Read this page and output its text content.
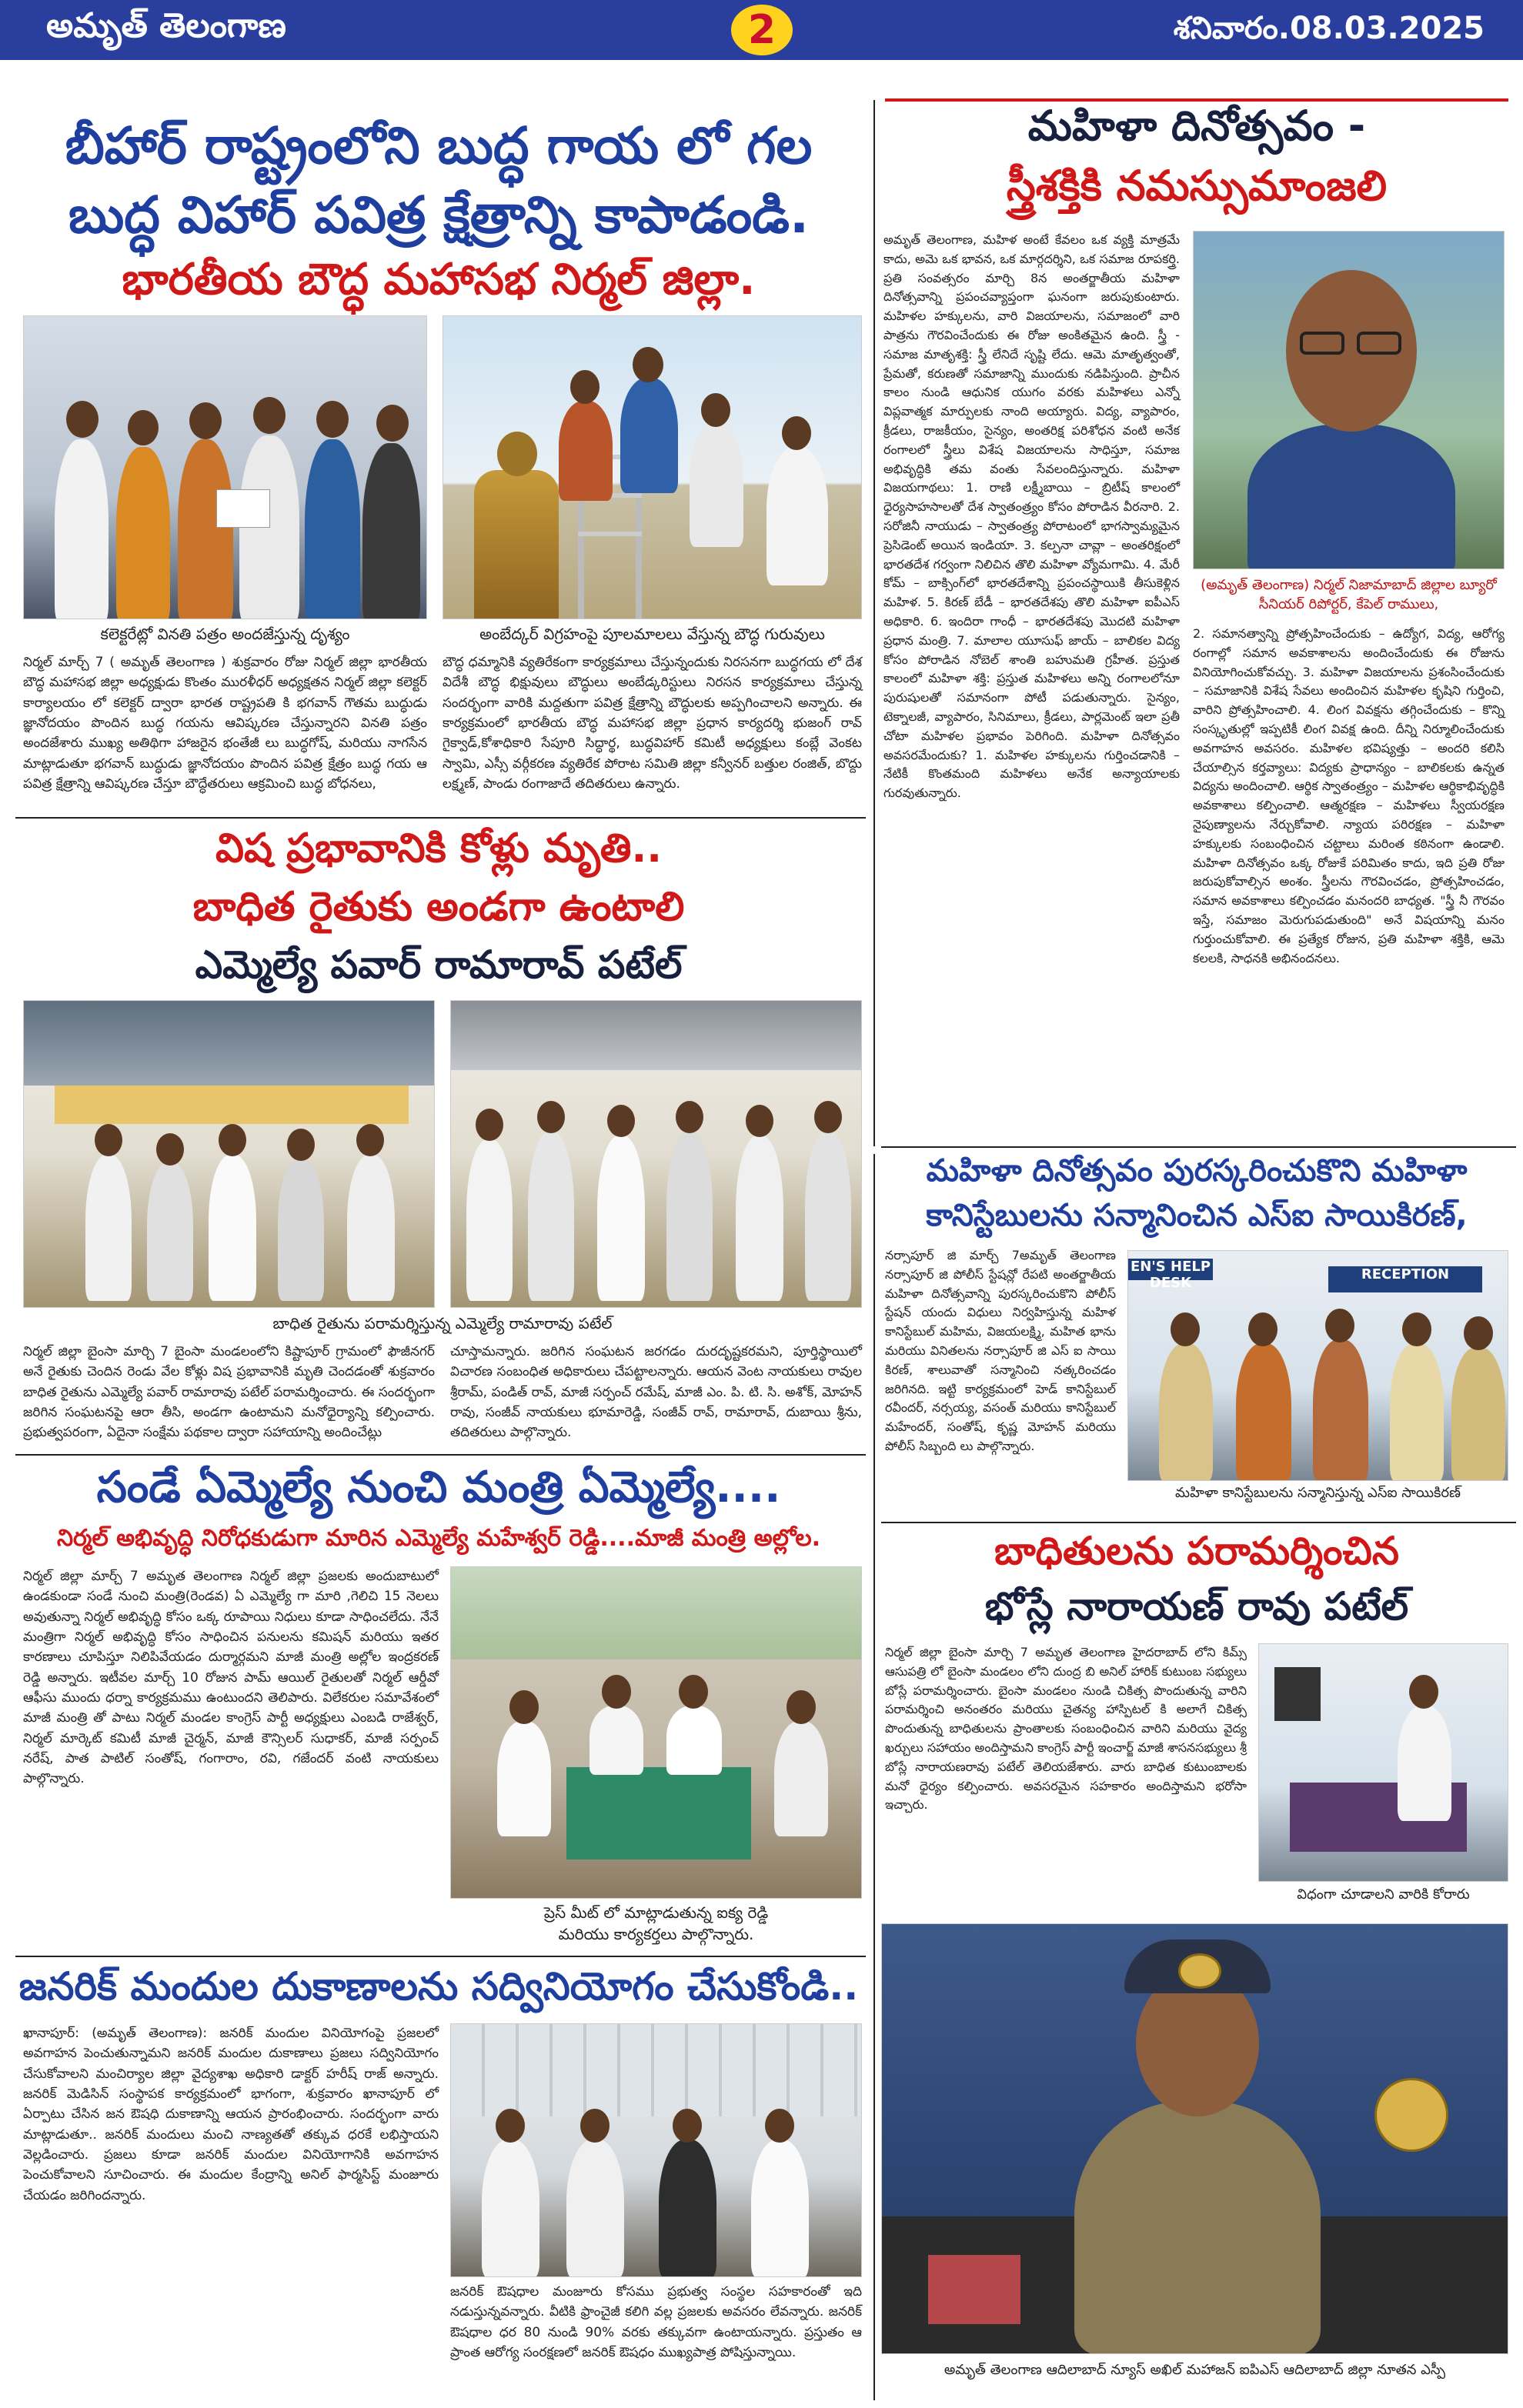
అమృత్ తెలంగాణ	2	శనివారం.08.03.2025
బీహార్ రాష్ట్రంలోని బుద్ధ గాయ లో గల
బుద్ధ విహార్ పవిత్ర క్షేత్రాన్ని కాపాడండి.
భారతీయ బౌద్ధ మహాసభ నిర్మల్ జిల్లా.
కలెక్టరేట్లో వినతి పత్రం అందజేస్తున్న దృశ్యం	అంబేద్కర్ విగ్రహంపై పూలమాలలు వేస్తున్న బౌద్ధ గురువులు
నిర్మల్ మార్చ్ 7 ( అమృత్ తెలంగాణ ) శుక్రవారం రోజు నిర్మల్ జిల్లా భారతీయ బౌద్ధ మహాసభ జిల్లా అధ్యక్షుడు కొంతం మురళీధర్ అధ్యక్షతన నిర్మల్ జిల్లా కలెక్టర్ కార్యాలయం లో కలెక్టర్ ద్వారా భారత రాష్ట్రపతి కి భగవాన్ గౌతమ బుద్ధుడు జ్ఞానోదయం పొందిన బుద్ధ గయను ఆవిష్కరణ చేస్తున్నారని వినతి పత్రం అందజేశారు ముఖ్య అతిథిగా హాజరైన భంతేజీ లు బుద్ధగోష్, మరియు నాగసేన మాట్లాడుతూ భగవాన్ బుద్ధుడు జ్ఞానోదయం పొందిన పవిత్ర క్షేత్రం బుద్ధ గయ ఆ పవిత్ర క్షేత్రాన్ని ఆవిష్కరణ చేస్తూ బౌద్ధేతరులు ఆక్రమించి బుద్ధ బోధనలు,
బౌద్ధ ధమ్మానికి వ్యతిరేకంగా కార్యక్రమాలు చేస్తున్నందుకు నిరసనగా బుద్ధగయ లో దేశ విదేశీ బౌద్ధ భిక్షువులు బౌద్ధులు అంబేడ్కరిస్టులు నిరసన కార్యక్రమాలు చేస్తున్న సందర్భంగా వారికి మద్దతుగా పవిత్ర క్షేత్రాన్ని బౌద్ధులకు అప్పగించాలని అన్నారు. ఈ కార్యక్రమంలో భారతీయ బౌద్ధ మహాసభ జిల్లా ప్రధాన కార్యదర్శి భుజంగ్ రావ్ గైక్వాడ్,కోశాధికారి సేపూరి సిద్ధార్థ, బుద్ధవిహార్ కమిటీ అధ్యక్షులు కంబ్లే వెంకట స్వామి, ఎస్సీ వర్గీకరణ వ్యతిరేక పోరాట సమితి జిల్లా కన్వీనర్ బత్తుల రంజిత్, బొద్దు లక్ష్మణ్, పాండు రంగాజాదే తదితరులు ఉన్నారు.
విష ప్రభావానికి కోళ్లు మృతి..
బాధిత రైతుకు అండగా ఉంటాలి
ఎమ్మెల్యే పవార్ రామారావ్ పటేల్
బాధిత రైతును పరామర్శిస్తున్న ఎమ్మెల్యే రామారావు పటేల్
నిర్మల్ జిల్లా బైంసా మార్చి 7 బైంసా మండలంలోని కిష్టాపూర్ గ్రామంలో ఫౌజీనగర్ అనే రైతుకు చెందిన రెండు వేల కోళ్లు విష ప్రభావానికి మృతి చెందడంతో శుక్రవారం బాధిత రైతును ఎమ్మెల్యే పవార్ రామారావు పటేల్ పరామర్శించారు. ఈ సందర్భంగా జరిగిన సంఘటనపై ఆరా తీసి, అండగా ఉంటామని మనోధైర్యాన్ని కల్పించారు. ప్రభుత్వపరంగా, ఏదైనా సంక్షేమ పథకాల ద్వారా సహాయాన్ని అందించేట్లు
చూస్తామన్నారు. జరిగిన సంఘటన జరగడం దురదృష్టకరమని, పూర్తిస్థాయిలో విచారణ సంబంధిత అధికారులు చేపట్టాలన్నారు. ఆయన వెంట నాయకులు రావుల శ్రీరామ్, పండిత్ రావ్, మాజీ సర్పంచ్ రమేష్, మాజీ ఎం. పి. టి. సి. అశోక్, మోహన్ రావు, సంజీవ్ నాయకులు భూమారెడ్డి, సంజీవ్ రావ్, రామారావ్, దుబాయి శ్రీను, తదితరులు పాల్గొన్నారు.
సండే ఏమ్మెల్యే నుంచి మంత్రి ఏమ్మెల్యే....
నిర్మల్ అభివృద్ధి నిరోధకుడుగా మారిన ఎమ్మెల్యే మహేశ్వర్ రెడ్డి....మాజీ మంత్రి అల్లోల.
నిర్మల్ జిల్లా మార్చ్ 7 అమృత తెలంగాణ నిర్మల్ జిల్లా ప్రజలకు అందుబాటులో ఉండకుండా సండే నుంచి మంత్రి(రెండవ) ఏ ఎమ్మెల్యే గా మారి ,గెలిచి 15 నెలలు అవుతున్నా నిర్మల్ అభివృద్ధి కోసం ఒక్క రూపాయి నిధులు కూడా సాధించలేదు. నేనే మంత్రిగా నిర్మల్ అభివృద్ధి కోసం సాధించిన పనులను కమిషన్ మరియు ఇతర కారణాలు చూపిస్తూ నిలిపివేయడం దుర్మార్గమని మాజీ మంత్రి అల్లోల ఇంద్రకరణ్ రెడ్డి అన్నారు. ఇటీవల మార్చ్ 10 రోజున పామ్ ఆయిల్ రైతులతో నిర్మల్ ఆర్డీవో ఆఫీసు ముందు ధర్నా కార్యక్రమము ఉంటుందని తెలిపారు. విలేకరుల సమావేశంలో మాజీ మంత్రి తో పాటు నిర్మల్ మండల కాంగ్రెస్ పార్టీ అధ్యక్షులు ఎంబడి రాజేశ్వర్, నిర్మల్ మార్కెట్ కమిటీ మాజీ చైర్మన్, మాజీ కౌన్సిలర్ సుధాకర్, మాజీ సర్పంచ్ నరేష్, పాత పాటిల్ సంతోష్, గంగారాం, రవి, గజేందర్ వంటి నాయకులు పాల్గొన్నారు.
ప్రెస్ మీట్ లో మాట్లాడుతున్న ఐక్య రెడ్డి
మరియు కార్యకర్తలు పాల్గొన్నారు.
జనరిక్ మందుల దుకాణాలను సద్వినియోగం చేసుకోండి..
ఖానాపూర్: (అమృత్ తెలంగాణ): జనరిక్ మందుల వినియోగంపై ప్రజలలో అవగాహన పెంచుతున్నామని జనరిక్ మందుల దుకాణాలు ప్రజలు సద్వినియోగం చేసుకోవాలని మంచిర్యాల జిల్లా వైద్యశాఖ అధికారి డాక్టర్ హరీష్ రాజ్ అన్నారు. జనరిక్ మెడిసిన్ సంస్థాపక కార్యక్రమంలో భాగంగా, శుక్రవారం ఖానాపూర్ లో ఏర్పాటు చేసిన జన ఔషధి దుకాణాన్ని ఆయన ప్రారంభించారు. సందర్భంగా వారు మాట్లాడుతూ.. జనరిక్ మందులు మంచి నాణ్యతతో తక్కువ ధరకే లభిస్తాయని వెల్లడించారు. ప్రజలు కూడా జనరిక్ మందుల వినియోగానికి అవగాహన పెంచుకోవాలని సూచించారు. ఈ మందుల కేంద్రాన్ని అనిల్ ఫార్మసిస్ట్ మంజూరు చేయడం జరిగిందన్నారు.
జనరిక్ ఔషధాల మంజూరు కోసము ప్రభుత్వ సంస్థల సహకారంతో ఇది నడుస్తున్నవన్నారు. వీటికి ఫ్రాంచైజీ కలిగి వల్ల ప్రజలకు అవసరం లేవన్నారు. జనరిక్ ఔషధాల ధర 80 నుండి 90% వరకు తక్కువగా ఉంటాయన్నారు. ప్రస్తుతం ఆ ప్రాంత ఆరోగ్య సంరక్షణలో జనరిక్ ఔషధం ముఖ్యపాత్ర పోషిస్తున్నాయి.
మహిళా దినోత్సవం -
స్త్రీశక్తికి నమస్సుమాంజలి
అమృత్ తెలంగాణ, మహిళ అంటే కేవలం ఒక వ్యక్తి మాత్రమే కాదు, అమె ఒక భావన, ఒక మార్గదర్శిని, ఒక సమాజ రూపకర్త్రి. ప్రతి సంవత్సరం మార్చి 8న అంతర్జాతీయ మహిళా దినోత్సవాన్ని ప్రపంచవ్యాప్తంగా ఘనంగా జరుపుకుంటారు. మహిళల హక్కులను, వారి విజయాలను, సమాజంలో వారి పాత్రను గౌరవించేందుకు ఈ రోజు అంకితమైన ఉంది. స్త్రీ - సమాజ మాతృశక్తి: స్త్రీ లేనిదే సృష్టి లేదు. ఆమె మాతృత్వంతో, ప్రేమతో, కరుణతో సమాజాన్ని ముందుకు నడిపిస్తుంది. ప్రాచీన కాలం నుండి ఆధునిక యుగం వరకు మహిళలు ఎన్నో విప్లవాత్మక మార్పులకు నాంది అయ్యారు. విద్య, వ్యాపారం, క్రీడలు, రాజకీయం, సైన్యం, అంతరిక్ష పరిశోధన వంటి అనేక రంగాలలో స్త్రీలు విశేష విజయాలను సాధిస్తూ, సమాజ అభివృద్ధికి తమ వంతు సేవలందిస్తున్నారు. మహిళా విజయగాథలు: 1. రాణి లక్ష్మీబాయి – బ్రిటీష్ కాలంలో ధైర్యసాహసాలతో దేశ స్వాతంత్ర్యం కోసం పోరాడిన వీరనారి. 2. సరోజినీ నాయుడు – స్వాతంత్ర్య పోరాటంలో భాగస్వామ్యమైన ప్రెసిడెంట్ అయిన ఇండియా. 3. కల్పనా చావ్లా – అంతరిక్షంలో భారతదేశ గర్వంగా నిలిచిన తొలి మహిళా వ్యోమగామి. 4. మేరీ కోమ్ – బాక్సింగ్‌లో భారతదేశాన్ని ప్రపంచస్థాయికి తీసుకెళ్లిన మహిళ. 5. కిరణ్ బేడీ – భారతదేశపు తొలి మహిళా ఐపీఎస్ అధికారి. 6. ఇందిరా గాంధీ – భారతదేశపు మొదటి మహిళా ప్రధాన మంత్రి. 7. మాలాల యూసుఫ్ జాయ్ – బాలికల విద్య కోసం పోరాడిన నోబెల్ శాంతి బహుమతి గ్రహీత. ప్రస్తుత కాలంలో మహిళా శక్తి: ప్రస్తుత మహిళలు అన్ని రంగాలలోనూ పురుషులతో సమానంగా పోటీ పడుతున్నారు. సైన్యం, టెక్నాలజీ, వ్యాపారం, సినిమాలు, క్రీడలు, పార్లమెంట్ ఇలా ప్రతీ చోటా మహిళల ప్రభావం పెరిగింది. మహిళా దినోత్సవం అవసరమేందుకు? 1. మహిళల హక్కులను గుర్తించడానికి – నేటికీ కొంతమంది మహిళలు అనేక అన్యాయాలకు గురవుతున్నారు.
(అమృత్ తెలంగాణ) నిర్మల్ నిజామాబాద్ జిల్లాల బ్యూరో సీనియర్ రిపోర్టర్, కేపెల్ రాములు,
2. సమానత్వాన్ని ప్రోత్సహించేందుకు – ఉద్యోగ, విద్య, ఆరోగ్య రంగాల్లో సమాన అవకాశాలను అందించేందుకు ఈ రోజును వినియోగించుకోవచ్చు. 3. మహిళా విజయాలను ప్రశంసించేందుకు – సమాజానికి విశేష సేవలు అందించిన మహిళల కృషిని గుర్తించి, వారిని ప్రోత్సహించాలి. 4. లింగ వివక్షను తగ్గించేందుకు – కొన్ని సంస్కృతుల్లో ఇప్పటికీ లింగ వివక్ష ఉంది. దీన్ని నిర్మూలించేందుకు అవగాహన అవసరం. మహిళల భవిష్యత్తు – అందరి కలిసి చేయాల్సిన కర్తవ్యాలు: విద్యకు ప్రాధాన్యం – బాలికలకు ఉన్నత విద్యను అందించాలి. ఆర్థిక స్వాతంత్ర్యం – మహిళల ఆర్థికాభివృద్ధికి అవకాశాలు కల్పించాలి. ఆత్మరక్షణ – మహిళలు స్వీయరక్షణ నైపుణ్యాలను నేర్చుకోవాలి. న్యాయ పరిరక్షణ – మహిళా హక్కులకు సంబంధించిన చట్టాలు మరింత కఠినంగా ఉండాలి. మహిళా దినోత్సవం ఒక్క రోజుకే పరిమితం కాదు, ఇది ప్రతి రోజు జరుపుకోవాల్సిన అంశం. స్త్రీలను గౌరవించడం, ప్రోత్సహించడం, సమాన అవకాశాలు కల్పించడం మనందరి బాధ్యత. "స్త్రీ నీ గౌరవం ఇస్తే, సమాజం మెరుగుపడుతుంది" అనే విషయాన్ని మనం గుర్తుంచుకోవాలి. ఈ ప్రత్యేక రోజున, ప్రతి మహిళా శక్తికి, ఆమె కలలకి, సాధనకి అభినందనలు.
మహిళా దినోత్సవం పురస్కరించుకొని మహిళా
కానిస్టేబులను సన్మానించిన ఎస్ఐ సాయికిరణ్,
నర్సాపూర్ జి మార్చ్ 7అమృత్ తెలంగాణ నర్సాపూర్ జి పోలీస్ స్టేషన్లో రేపటి అంతర్జాతీయ మహిళా దినోత్సవాన్ని పురస్కరించుకొని పోలీస్ స్టేషన్ యందు విధులు నిర్వహిస్తున్న మహిళ కానిస్టేబుల్ మహిమ, విజయలక్ష్మి, మహిత భాను మరియు వినితలను నర్సాపూర్ జి ఎస్ ఐ సాయి కిరణ్, శాలువాతో సన్మానించి నత్కరించడం జరిగినది. ఇట్టి కార్యక్రమంలో హెడ్ కానిస్టేబుల్ రవీందర్, నర్సయ్య, వసంత్ మరియు కానిస్టేబుల్ మహేందర్, సంతోష్, కృష్ణ మోహన్ మరియు పోలీస్ సిబ్బంది లు పాల్గొన్నారు.
EN'S HELP DESK
RECEPTION
మహిళా కానిస్టేబులను సన్మానిస్తున్న ఎస్ఐ సాయికిరణ్
బాధితులను పరామర్శించిన
భోస్లే నారాయణ్ రావు పటేల్
నిర్మల్ జిల్లా బైంసా మార్చి 7 అమృత తెలంగాణ హైదరాబాద్ లోని కిమ్స్ ఆసుపత్రి లో బైంసా మండలం లోని దుంద్ర బి అనిల్ హారిక్ కుటుంబ సభ్యులు బోస్లే పరామర్శించారు. బైంసా మండలం నుండి చికిత్స పొందుతున్న వారిని పరామర్శించి అనంతరం మరియు చైతన్య హాస్పిటల్ కి అలాగే చికిత్స పొందుతున్న బాధితులను ప్రాంతాలకు సంబంధించిన వారిని మరియు వైద్య ఖర్చులు సహాయం అందిస్తామని కాంగ్రెస్ పార్టీ ఇంచార్జ్ మాజీ శాసనసభ్యులు శ్రీ బోస్లే నారాయణరావు పటేల్ తెలియజేశారు. వారు బాధిత కుటుంబాలకు మనో ధైర్యం కల్పించారు. అవసరమైన సహకారం అందిస్తామని భరోసా ఇచ్చారు.
విధంగా చూడాలని వారికి కోరారు
అమృత్ తెలంగాణ ఆదిలాబాద్ న్యూస్ అఖిల్ మహాజన్ ఐపిఎస్ ఆదిలాబాద్ జిల్లా నూతన ఎస్పీ
